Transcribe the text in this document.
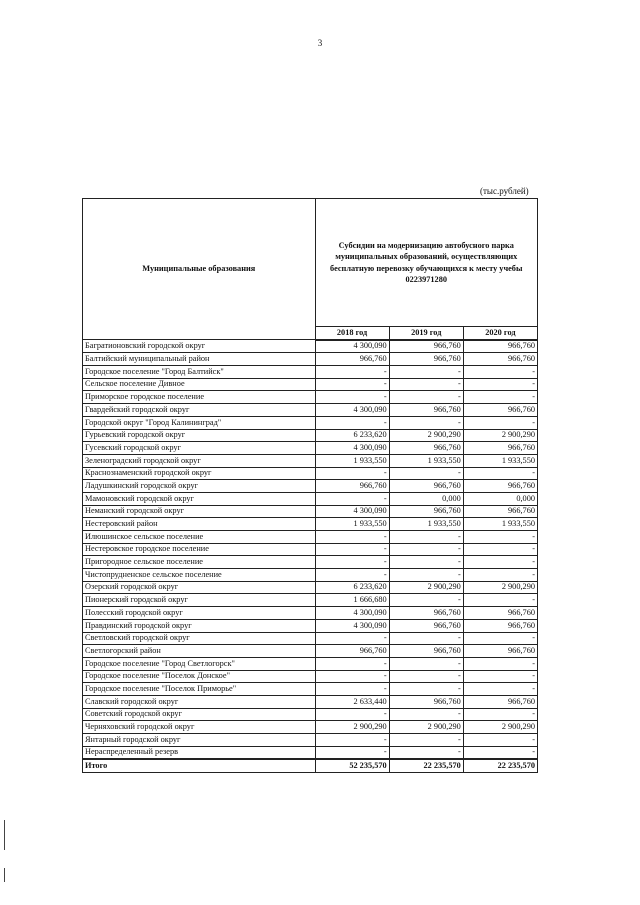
3
(тыс.рублей)
Муниципальные образования	Субсидии на модернизацию автобусного парка муниципальных образований, осуществляющих бесплатную перевозку обучающихся к месту учебы 0223971280		
	2018 год	2019 год	2020 год
Багратионовский городской округ	4 300,090	966,760	966,760
Балтийский муниципальный район	966,760	966,760	966,760
Городское поселение "Город Балтийск"	-	-	-
Сельское поселение Дивное	-	-	-
Приморское городское поселение	-	-	-
Гвардейский городской округ	4 300,090	966,760	966,760
Городской округ "Город Калининград"	-	-	-
Гурьевский городской округ	6 233,620	2 900,290	2 900,290
Гусевский городской округ	4 300,090	966,760	966,760
Зеленоградский городской округ	1 933,550	1 933,550	1 933,550
Краснознаменский городской округ	-	-	-
Ладушкинский городской округ	966,760	966,760	966,760
Мамоновский городской округ	-	0,000	0,000
Неманский городской округ	4 300,090	966,760	966,760
Нестеровский район	1 933,550	1 933,550	1 933,550
Илюшинское сельское поселение	-	-	-
Нестеровское городское поселение	-	-	-
Пригородное сельское поселение	-	-	-
Чистопрудненское сельское поселение	-	-	-
Озерский городской округ	6 233,620	2 900,290	2 900,290
Пионерский городской округ	1 666,680	-	-
Полесский городской округ	4 300,090	966,760	966,760
Правдинский городской округ	4 300,090	966,760	966,760
Светловский городской округ	-	-	-
Светлогорский район	966,760	966,760	966,760
Городское поселение "Город Светлогорск"	-	-	-
Городское поселение "Поселок Донское"	-	-	-
Городское поселение "Поселок Приморье"	-	-	-
Славский городской округ	2 633,440	966,760	966,760
Советский городской округ	-	-	-
Черняховский городской округ	2 900,290	2 900,290	2 900,290
Янтарный городской округ	-	-	-
Нераспределенный резерв	-	-	-
Итого	52 235,570	22 235,570	22 235,570
